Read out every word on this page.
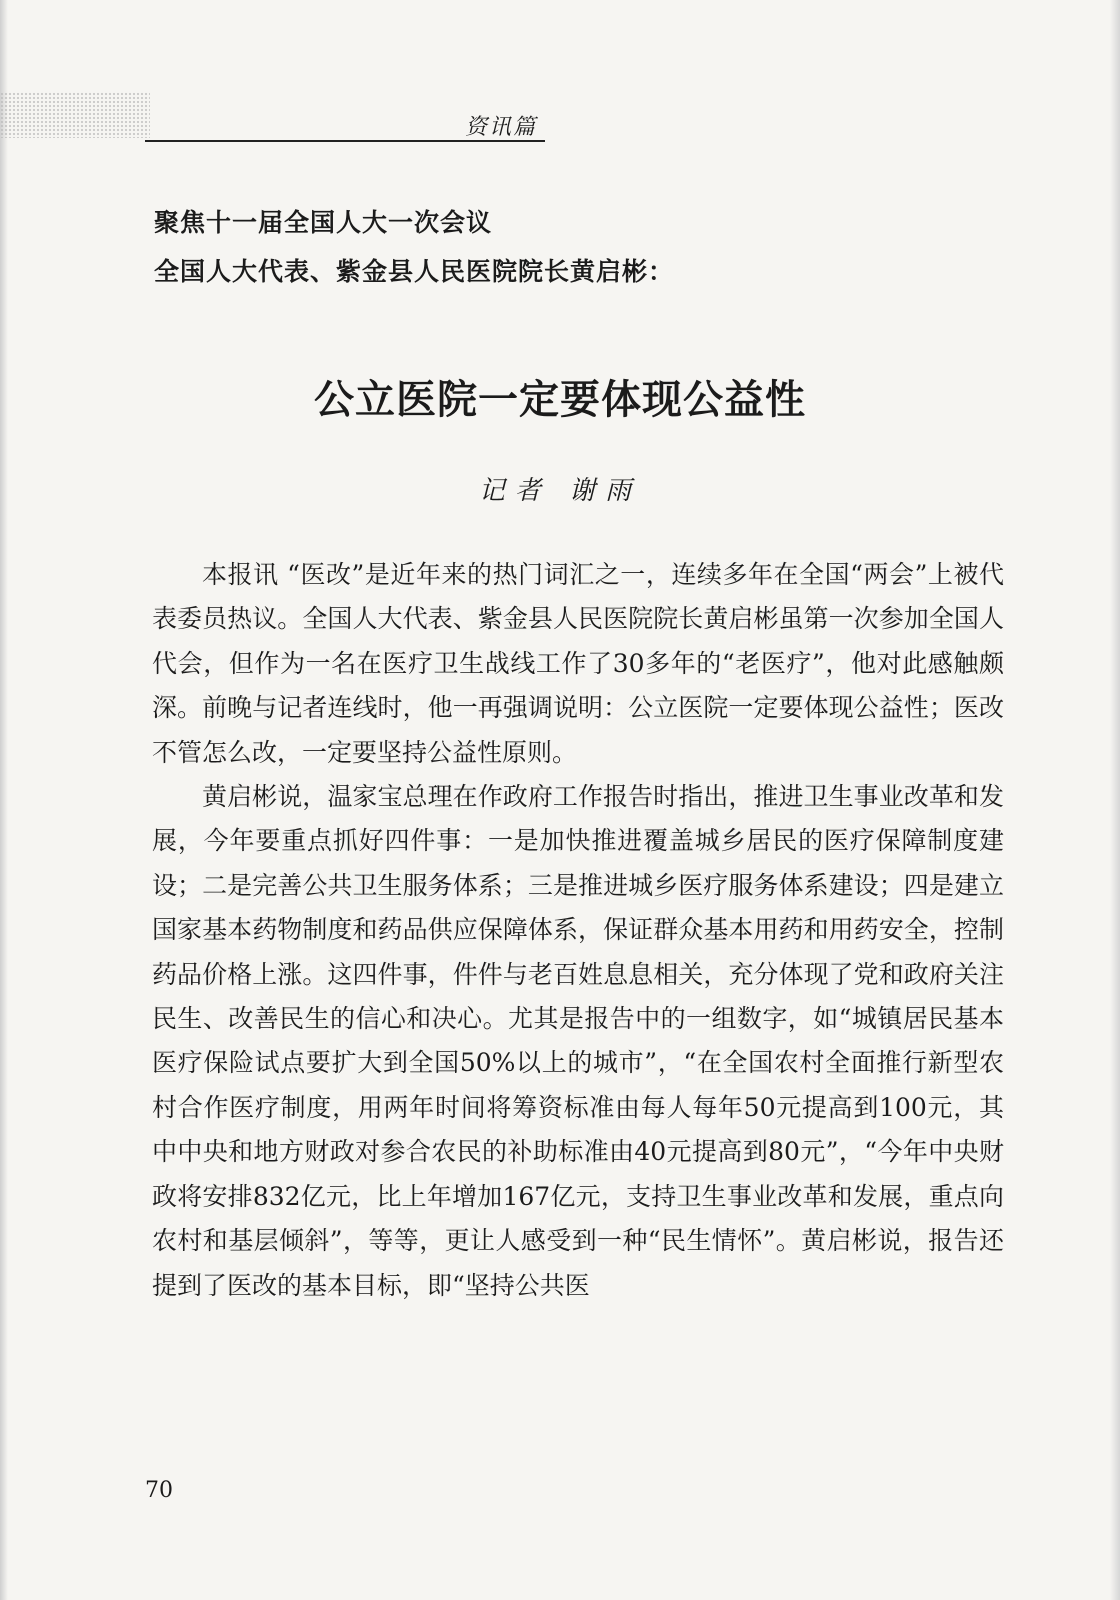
资讯篇
聚焦十一届全国人大一次会议
全国人大代表、紫金县人民医院院长黄启彬：
公立医院一定要体现公益性
记者 谢雨

本报讯 “医改”是近年来的热门词汇之一，连续多年在全国“两会”上被代表委员热议。全国人大代表、紫金县人民医院院长黄启彬虽第一次参加全国人代会，但作为一名在医疗卫生战线工作了30多年的“老医疗”，他对此感触颇深。前晚与记者连线时，他一再强调说明：公立医院一定要体现公益性；医改不管怎么改，一定要坚持公益性原则。

黄启彬说，温家宝总理在作政府工作报告时指出，推进卫生事业改革和发展，今年要重点抓好四件事：一是加快推进覆盖城乡居民的医疗保障制度建设；二是完善公共卫生服务体系；三是推进城乡医疗服务体系建设；四是建立国家基本药物制度和药品供应保障体系，保证群众基本用药和用药安全，控制药品价格上涨。这四件事，件件与老百姓息息相关，充分体现了党和政府关注民生、改善民生的信心和决心。尤其是报告中的一组数字，如“城镇居民基本医疗保险试点要扩大到全国50%以上的城市”，“在全国农村全面推行新型农村合作医疗制度，用两年时间将筹资标准由每人每年50元提高到100元，其中中央和地方财政对参合农民的补助标准由40元提高到80元”，“今年中央财政将安排832亿元，比上年增加167亿元，支持卫生事业改革和发展，重点向农村和基层倾斜”，等等，更让人感受到一种“民生情怀”。黄启彬说，报告还提到了医改的基本目标，即“坚持公共医

70
